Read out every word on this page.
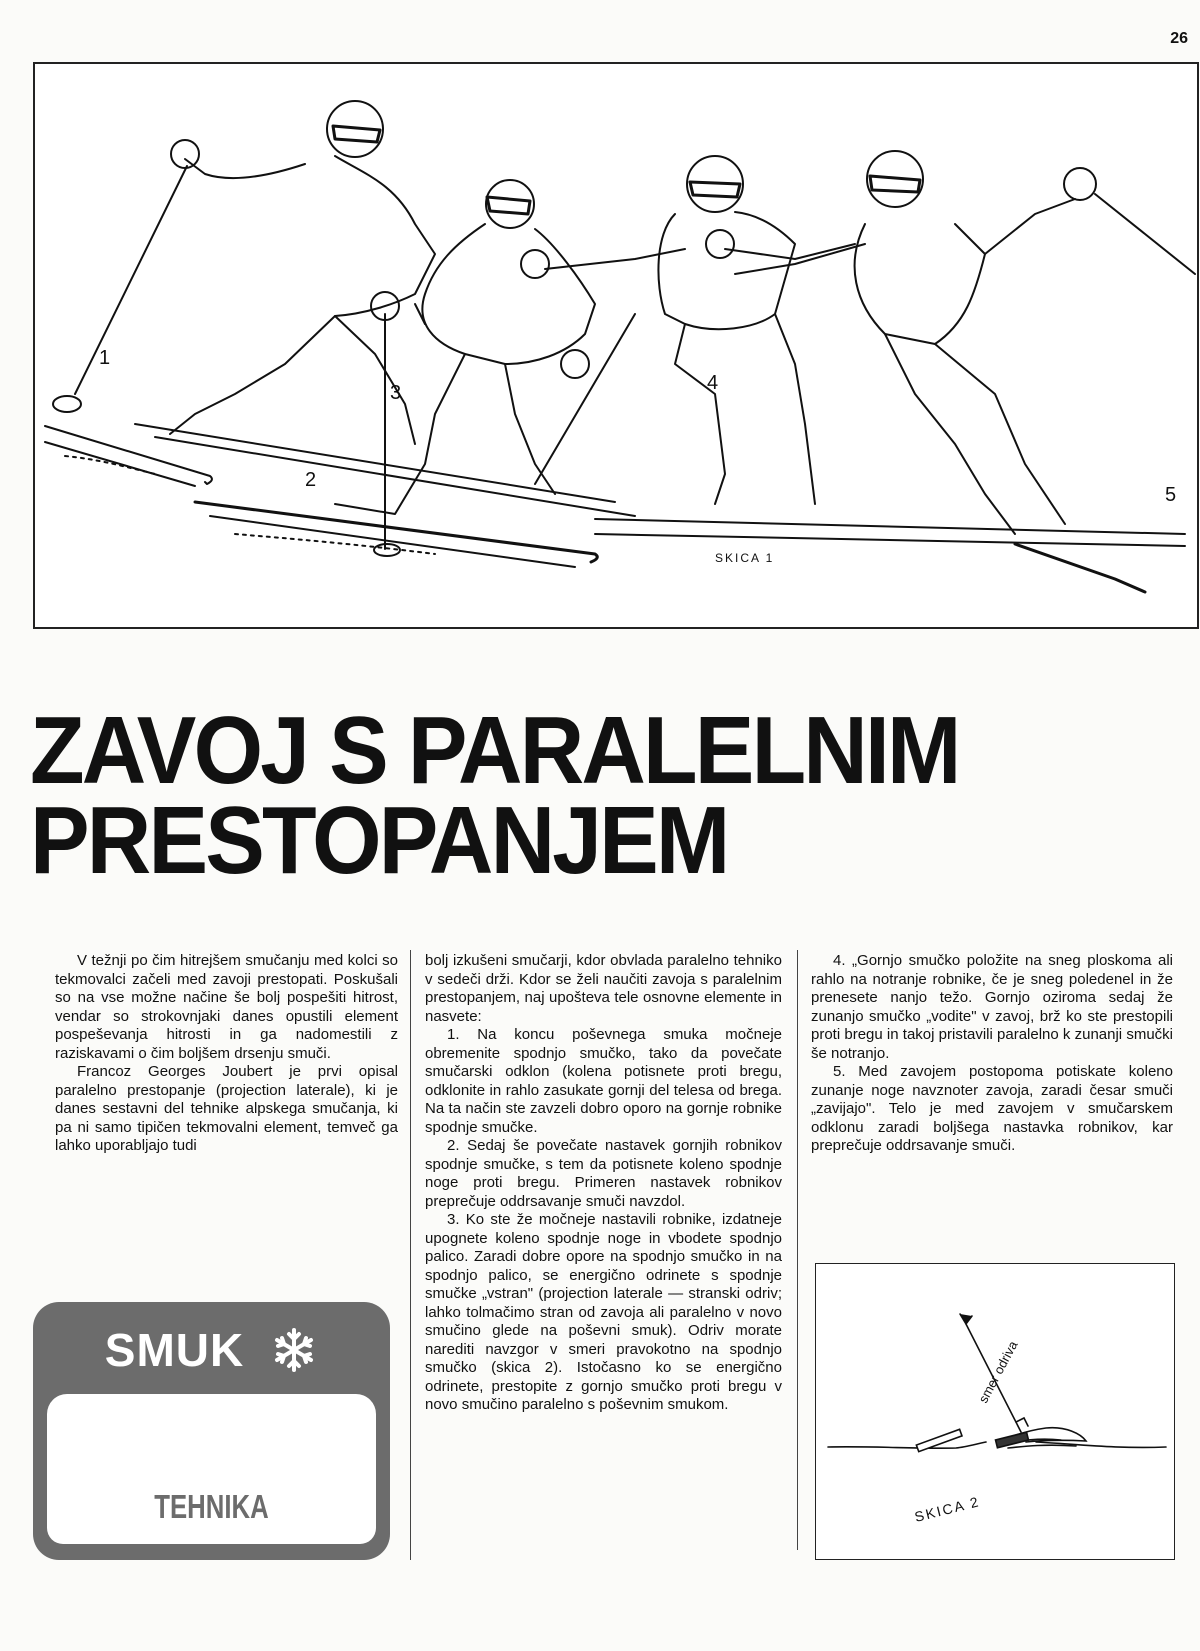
26
1
2
3	4
5
SKICA 1
ZAVOJ S PARALELNIM
PRESTOPANJEM

V težnji po čim hitrejšem smučanju med kolci so tekmovalci začeli med zavoji prestopati. Poskušali so na vse možne načine še bolj pospešiti hitrost, vendar so strokovnjaki danes opustili element pospeševanja hitrosti in ga nadomestili z raziskavami o čim boljšem drsenju smuči.

Francoz Georges Joubert je prvi opisal paralelno prestopanje (projection laterale), ki je danes sestavni del tehnike alpskega smučanja, ki pa ni samo tipičen tekmovalni element, temveč ga lahko uporabljajo tudi

bolj izkušeni smučarji, kdor obvlada paralelno tehniko v sedeči drži. Kdor se želi naučiti zavoja s paralelnim prestopanjem, naj upošteva tele osnovne elemente in nasvete:

1. Na koncu poševnega smuka močneje obremenite spodnjo smučko, tako da povečate smučarski odklon (kolena potisnete proti bregu, odklonite in rahlo zasukate gornji del telesa od brega. Na ta način ste zavzeli dobro oporo na gornje robnike spodnje smučke.

2. Sedaj še povečate nastavek gornjih robnikov spodnje smučke, s tem da potisnete koleno spodnje noge proti bregu. Primeren nastavek robnikov preprečuje oddrsavanje smuči navzdol.

3. Ko ste že močneje nastavili robnike, izdatneje upognete koleno spodnje noge in vbodete spodnjo palico. Zaradi dobre opore na spodnjo smučko in na spodnjo palico, se energično odrinete s spodnje smučke „vstran" (projection laterale — stranski odriv; lahko tolmačimo stran od zavoja ali paralelno v novo smučino glede na poševni smuk). Odriv morate narediti navzgor v smeri pravokotno na spodnjo smučko (skica 2). Istočasno ko se energično odrinete, prestopite z gornjo smučko proti bregu v novo smučino paralelno s poševnim smukom.

4. „Gornjo smučko položite na sneg ploskoma ali rahlo na notranje robnike, če je sneg poledenel in že prenesete nanjo težo. Gornjo oziroma sedaj že zunanjo smučko „vodite" v zavoj, brž ko ste prestopili proti bregu in takoj pristavili paralelno k zunanji smučki še notranjo.

5. Med zavojem postopoma potiskate koleno zunanje noge navznoter zavoja, zaradi česar smuči „zavijajo". Telo je med zavojem v smučarskem odklonu zaradi boljšega nastavka robnikov, kar preprečuje oddrsavanje smuči.

SMUK
TEHNIKA
smer odriva
SKICA 2
